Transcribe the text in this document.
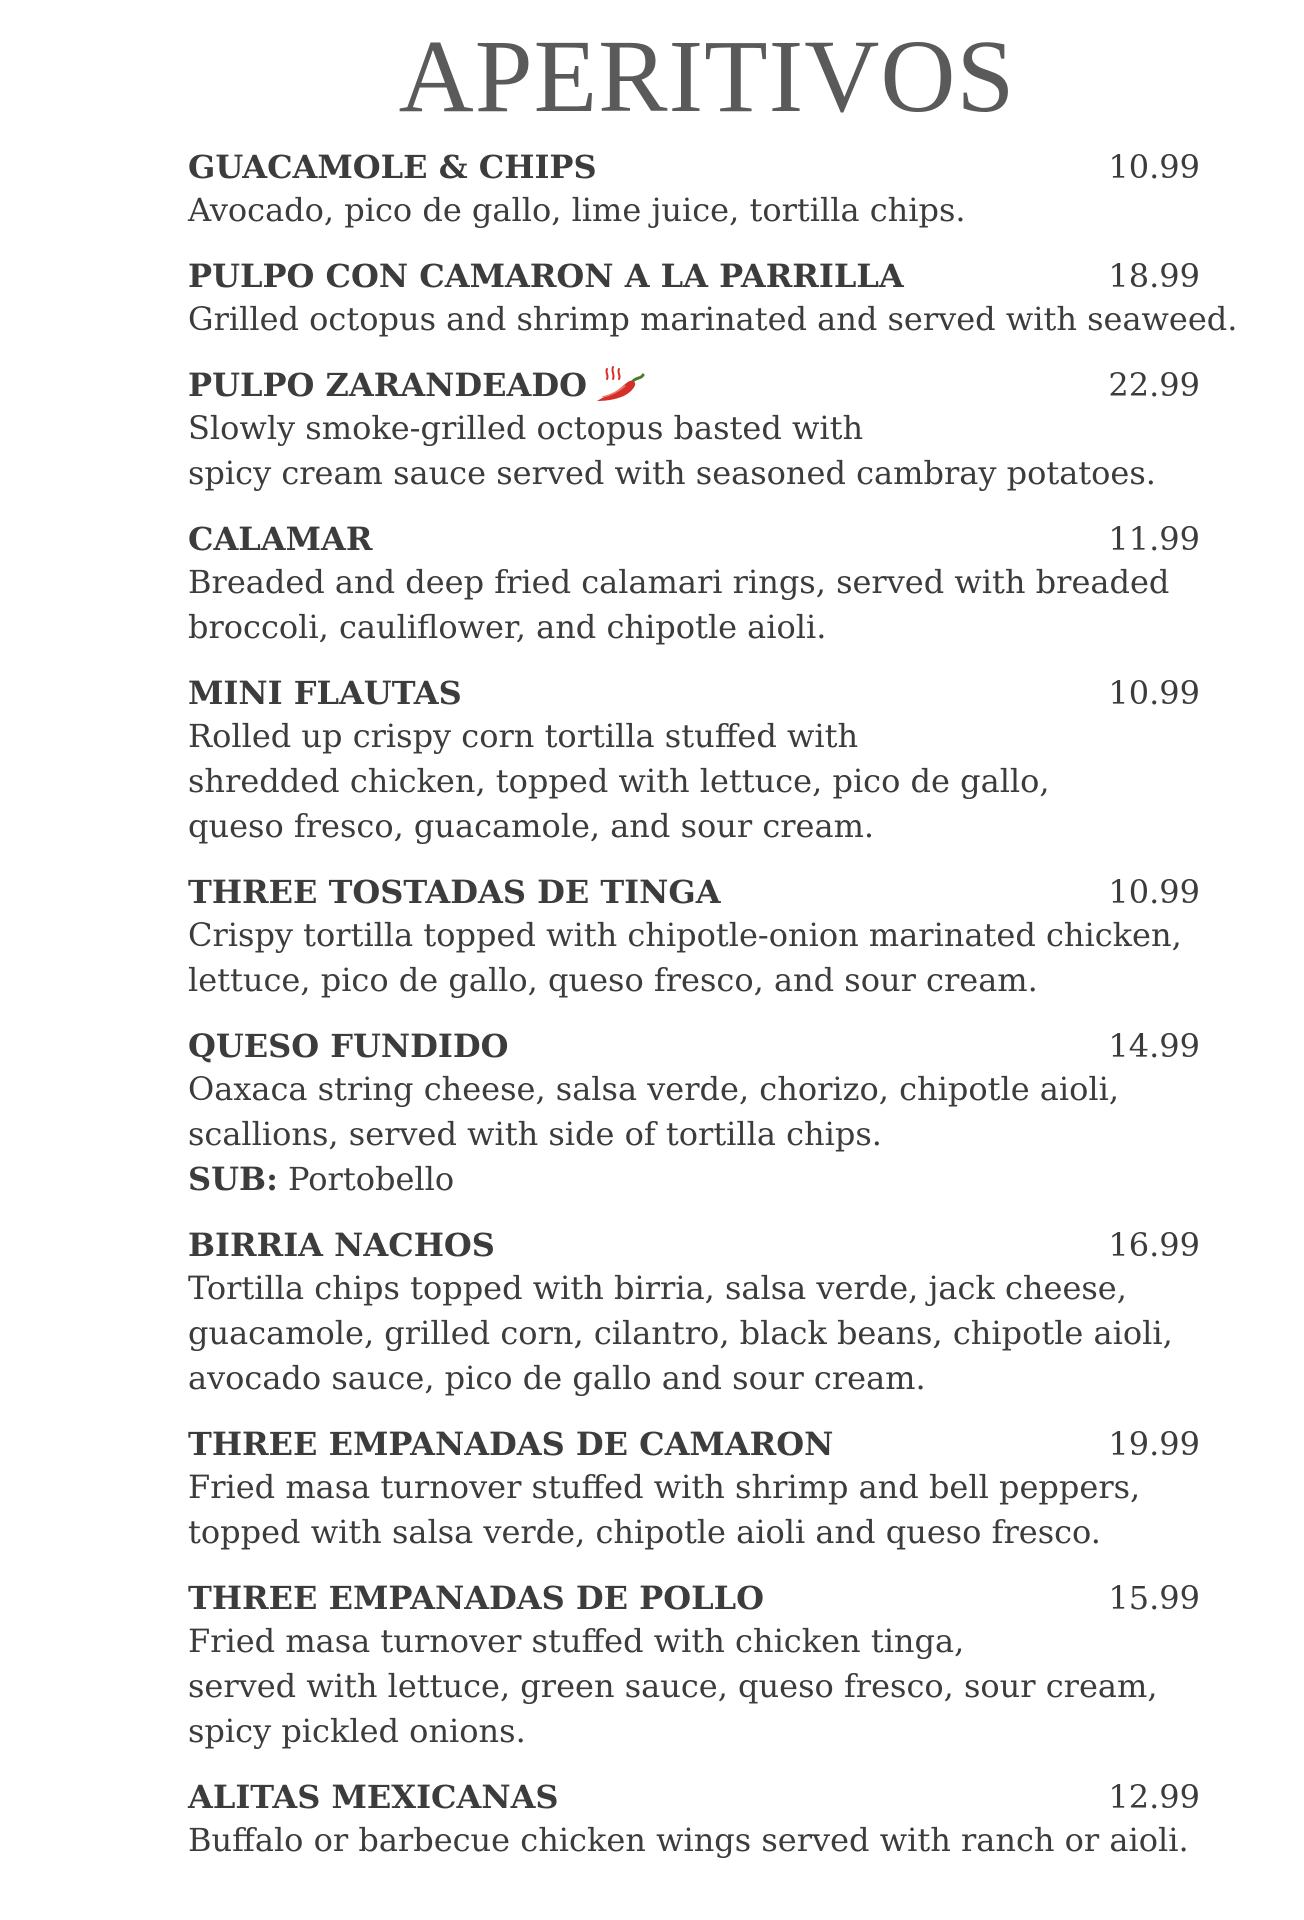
APERITIVOS
GUACAMOLE & CHIPS	10.99
Avocado, pico de gallo, lime juice, tortilla chips.
PULPO CON CAMARON A LA PARRILLA	18.99
Grilled octopus and shrimp marinated and served with seaweed.
PULPO ZARANDEADO	22.99
Slowly smoke-grilled octopus basted with
spicy cream sauce served with seasoned cambray potatoes.
CALAMAR	11.99
Breaded and deep fried calamari rings, served with breaded
broccoli, cauliflower, and chipotle aioli.
MINI FLAUTAS	10.99
Rolled up crispy corn tortilla stuffed with
shredded chicken, topped with lettuce, pico de gallo,
queso fresco, guacamole, and sour cream.
THREE TOSTADAS DE TINGA	10.99
Crispy tortilla topped with chipotle-onion marinated chicken,
lettuce, pico de gallo, queso fresco, and sour cream.
QUESO FUNDIDO	14.99
Oaxaca string cheese, salsa verde, chorizo, chipotle aioli,
scallions, served with side of tortilla chips.
SUB: Portobello
BIRRIA NACHOS	16.99
Tortilla chips topped with birria, salsa verde, jack cheese,
guacamole, grilled corn, cilantro, black beans, chipotle aioli,
avocado sauce, pico de gallo and sour cream.
THREE EMPANADAS DE CAMARON	19.99
Fried masa turnover stuffed with shrimp and bell peppers,
topped with salsa verde, chipotle aioli and queso fresco.
THREE EMPANADAS DE POLLO	15.99
Fried masa turnover stuffed with chicken tinga,
served with lettuce, green sauce, queso fresco, sour cream,
spicy pickled onions.
ALITAS MEXICANAS	12.99
Buffalo or barbecue chicken wings served with ranch or aioli.
